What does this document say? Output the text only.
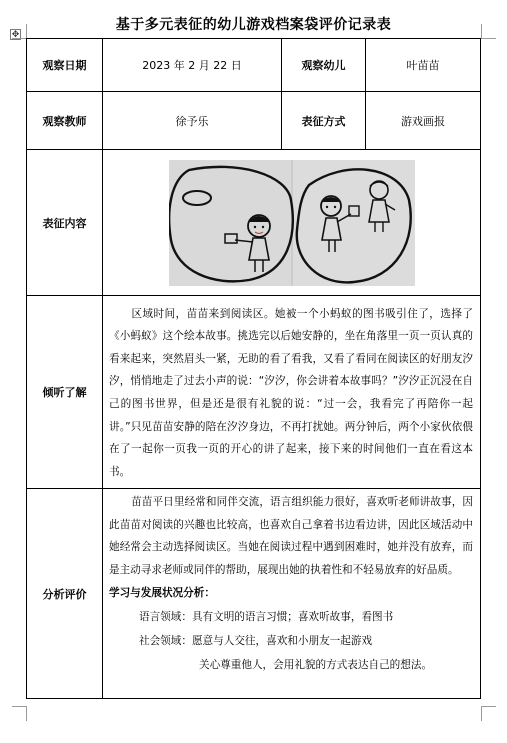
基于多元表征的幼儿游戏档案袋评价记录表
✥
观察日期	2023 年 2 月 22 日	观察幼儿	叶苗苗
观察教师	徐予乐	表征方式	游戏画报
表征内容	

倾听了解	区域时间，苗苗来到阅读区。她被一个小蚂蚁的图书吸引住了，选择了《小蚂蚁》这个绘本故事。挑选完以后她安静的，坐在角落里一页一页认真的看来起来，突然眉头一紧，无助的看了看我，又看了看同在阅读区的好朋友汐汐，悄悄地走了过去小声的说：“汐汐，你会讲着本故事吗？”汐汐正沉浸在自己的图书世界，但是还是很有礼貌的说：“过一会，我看完了再陪你一起讲。”只见苗苗安静的陪在汐汐身边，不再打扰她。两分钟后，两个小家伙依偎在了一起你一页我一页的开心的讲了起来，接下来的时间他们一直在看这本书。		

分析评价	苗苗平日里经常和同伴交流，语言组织能力很好，喜欢听老师讲故事，因此苗苗对阅读的兴趣也比较高，也喜欢自己拿着书边看边讲，因此区域活动中她经常会主动选择阅读区。当她在阅读过程中遇到困难时，她并没有放弃，而是主动寻求老师或同伴的帮助，展现出她的执着性和不轻易放弃的好品质。
学习与发展状况分析：
语言领域：具有文明的语言习惯；喜欢听故事，看图书
社会领域：愿意与人交往，喜欢和小朋友一起游戏
关心尊重他人，会用礼貌的方式表达自己的想法。		
